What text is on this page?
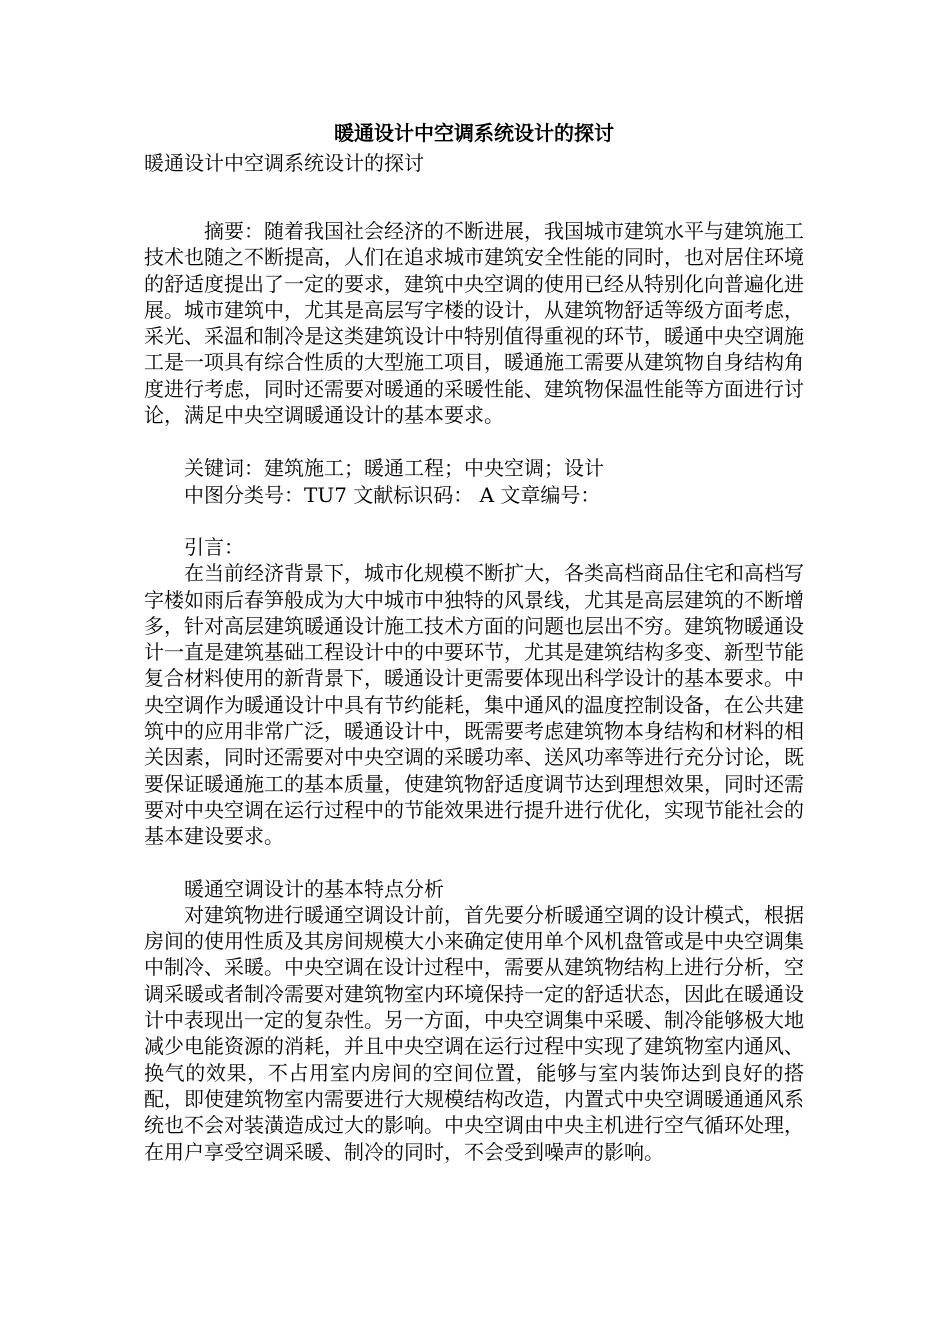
暖通设计中空调系统设计的探讨

暖通设计中空调系统设计的探讨

摘要：随着我国社会经济的不断进展，我国城市建筑水平与建筑施工技术也随之不断提高，人们在追求城市建筑安全性能的同时，也对居住环境的舒适度提出了一定的要求，建筑中央空调的使用已经从特别化向普遍化进展。城市建筑中，尤其是高层写字楼的设计，从建筑物舒适等级方面考虑，采光、采温和制冷是这类建筑设计中特别值得重视的环节，暖通中央空调施工是一项具有综合性质的大型施工项目，暖通施工需要从建筑物自身结构角度进行考虑，同时还需要对暖通的采暖性能、建筑物保温性能等方面进行讨论，满足中央空调暖通设计的基本要求。

关键词：建筑施工；暖通工程；中央空调；设计

中图分类号：TU7 文献标识码： A 文章编号：

引言：

在当前经济背景下，城市化规模不断扩大，各类高档商品住宅和高档写字楼如雨后春笋般成为大中城市中独特的风景线，尤其是高层建筑的不断增多，针对高层建筑暖通设计施工技术方面的问题也层出不穷。建筑物暖通设计一直是建筑基础工程设计中的中要环节，尤其是建筑结构多变、新型节能复合材料使用的新背景下，暖通设计更需要体现出科学设计的基本要求。中央空调作为暖通设计中具有节约能耗，集中通风的温度控制设备，在公共建筑中的应用非常广泛，暖通设计中，既需要考虑建筑物本身结构和材料的相关因素，同时还需要对中央空调的采暖功率、送风功率等进行充分讨论，既要保证暖通施工的基本质量，使建筑物舒适度调节达到理想效果，同时还需要对中央空调在运行过程中的节能效果进行提升进行优化，实现节能社会的基本建设要求。

暖通空调设计的基本特点分析

对建筑物进行暖通空调设计前，首先要分析暖通空调的设计模式，根据房间的使用性质及其房间规模大小来确定使用单个风机盘管或是中央空调集中制冷、采暖。中央空调在设计过程中，需要从建筑物结构上进行分析，空调采暖或者制冷需要对建筑物室内环境保持一定的舒适状态，因此在暖通设计中表现出一定的复杂性。另一方面，中央空调集中采暖、制冷能够极大地减少电能资源的消耗，并且中央空调在运行过程中实现了建筑物室内通风、换气的效果，不占用室内房间的空间位置，能够与室内装饰达到良好的搭配，即使建筑物室内需要进行大规模结构改造，内置式中央空调暖通通风系统也不会对装潢造成过大的影响。中央空调由中央主机进行空气循环处理，在用户享受空调采暖、制冷的同时，不会受到噪声的影响。
